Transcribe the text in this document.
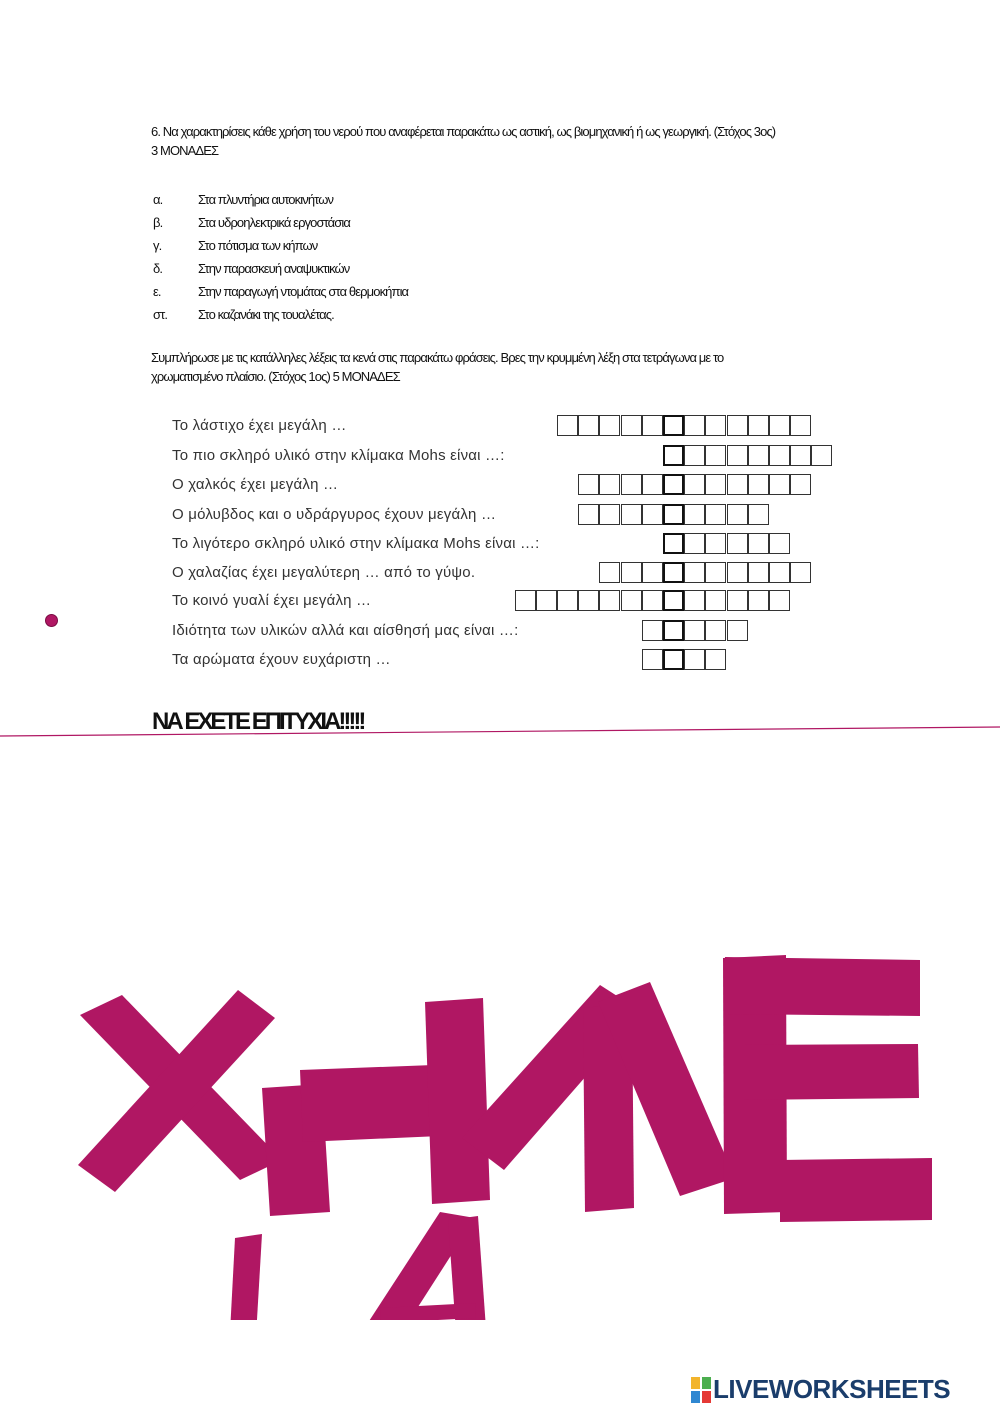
6. Να χαρακτηρίσεις κάθε χρήση του νερού που αναφέρεται παρακάτω ως αστική, ως βιομηχανική ή ως γεωργική. (Στόχος 3ος)
3 ΜΟΝΑΔΕΣ
α.	Στα πλυντήρια αυτοκινήτων
β.	Στα υδροηλεκτρικά εργοστάσια
γ.	Στο πότισμα των κήπων
δ.	Στην παρασκευή αναψυκτικών
ε.	Στην παραγωγή ντομάτας στα θερμοκήπια
στ. Στο καζανάκι της τουαλέτας.
Συμπλήρωσε με τις κατάλληλες λέξεις τα κενά στις παρακάτω φράσεις. Βρες την κρυμμένη λέξη στα τετράγωνα με το
χρωματισμένο πλαίσιο. (Στόχος 1ος) 5 ΜΟΝΑΔΕΣ
Το λάστιχο έχει μεγάλη …
Το πιο σκληρό υλικό στην κλίμακα Mohs είναι …:
Ο χαλκός έχει μεγάλη …
Ο μόλυβδος και ο υδράργυρος έχουν μεγάλη …
Το λιγότερο σκληρό υλικό στην κλίμακα Mohs είναι …:
Ο χαλαζίας έχει μεγαλύτερη … από το γύψο.
Το κοινό γυαλί έχει μεγάλη …
Ιδιότητα των υλικών αλλά και αίσθησή μας είναι …:
Τα αρώματα έχουν ευχάριστη …
ΝΑ ΕΧΕΤΕ ΕΠΙΤΥΧΙΑ!!!!!
LIVEWORKSHEETS
